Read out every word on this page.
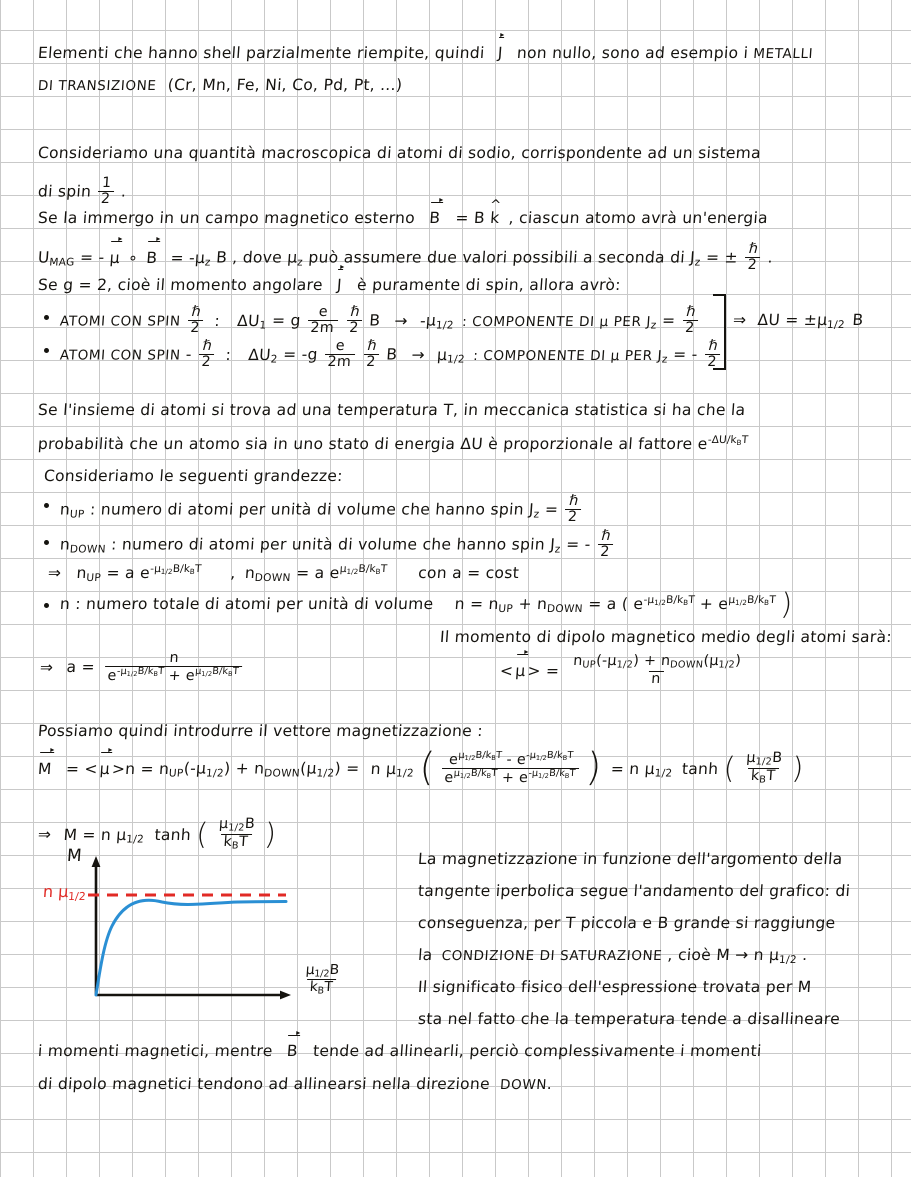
Elementi che hanno shell parzialmente riempite, quindi J non nullo, sono ad esempio i METALLI
DI TRANSIZIONE (Cr, Mn, Fe, Ni, Co, Pd, Pt, ...)
Consideriamo una quantità macroscopica di atomi di sodio, corrispondente ad un sistema
di spin $\frac{1}{2}$ .
Se la immergo in un campo magnetico esterno B = B k ^ , ciascun atomo avrà un'energia
$U_{MAG}$ = - μ ∘ $B = -\mu_z$ B , dove $\mu_z$ può assumere due valori possibili a seconda di $J_z$ = ± $\frac{\text{ℏ}}{2}$ .
Se g = 2, cioè il momento angolare J è puramente di spin, allora avrò:
ATOMI CON SPIN $\frac{\text{ℏ}}{2}$ : $\Delta U_1 = g \frac{e}{2m}$
$\frac{\text{ℏ}}{2}$ $B \to -\mu_{1/2}$ : COMPONENTE DI μ PER $J_z = \frac{\text{ℏ}}{2}$
ATOMI CON SPIN - $\frac{\text{ℏ}}{2}$ : $\Delta U_2 = -g \frac{e}{2m}$
$\frac{\text{ℏ}}{2}$ $B \to \mu_{1/2}$ : COMPONENTE DI μ PER $J_z$ = - $\frac{\text{ℏ}}{2}$
⇒ $\Delta U = \pm\mu_{1/2}$ B
Se l'insieme di atomi si trova ad una temperatura T, in meccanica statistica si ha che la
probabilità che un atomo sia in uno stato di energia ΔU è proporzionale al fattore $e^{-\Delta U/k_BT}$
Consideriamo le seguenti grandezze:
$n_{UP}$ : numero di atomi per unità di volume che hanno spin $J_z = \frac{\text{ℏ}}{2}$
$n_{DOWN}$ : numero di atomi per unità di volume che hanno spin $J_z$ = - $\frac{\text{ℏ}}{2}$
⇒ $n_{UP} = a$ $e^{-\mu_{1/2}B/k_BT}$ , $n_{DOWN} = a$ $e^{\mu_{1/2}B/k_BT}$ con a = cost
n : numero totale di atomi per unità di volume $n = n_{UP} + n_{DOWN} = a$ ( $e^{-\mu_{1/2}B/k_BT} + e^{\mu_{1/2}B/k_BT}$ )
⇒ $a = \frac{n}{e^{-\mu_{1/2}B/k_BT} + e^{\mu_{1/2}B/k_BT}}$
Il momento di dipolo magnetico medio degli atomi sarà:
$<\mu> = \frac{n_{UP}(-\mu_{1/2}) + n_{DOWN}(\mu_{1/2})}{n}$
Possiamo quindi introdurre il vettore magnetizzazione :
$M = <\mu>n = n_{UP}(-\mu_{1/2}) + n_{DOWN}(\mu_{1/2}) = n$ $\mu_{1/2}$ ( $\frac{e^{\mu_{1/2}B/k_BT} - e^{-\mu_{1/2}B/k_BT}}{e^{\mu_{1/2}B/k_BT} + e^{-\mu_{1/2}B/k_BT}}$ ) = n $\mu_{1/2}$ tanh ( $\frac{\mu_{1/2}B}{k_BT}$ )
⇒ M = n $\mu_{1/2}$ tanh ( $\frac{\mu_{1/2}B}{k_BT}$ )
M
n $\mu_{1/2}$
$\frac{\mu_{1/2}B}{k_BT}$
La magnetizzazione in funzione dell'argomento della
tangente iperbolica segue l'andamento del grafico: di
conseguenza, per T piccola e B grande si raggiunge
la CONDIZIONE DI SATURAZIONE , cioè M → n $\mu_{1/2}$ .
Il significato fisico dell'espressione trovata per M
sta nel fatto che la temperatura tende a disallineare
i momenti magnetici, mentre B tende ad allinearli, perciò complessivamente i momenti
di dipolo magnetici tendono ad allinearsi nella direzione DOWN.
